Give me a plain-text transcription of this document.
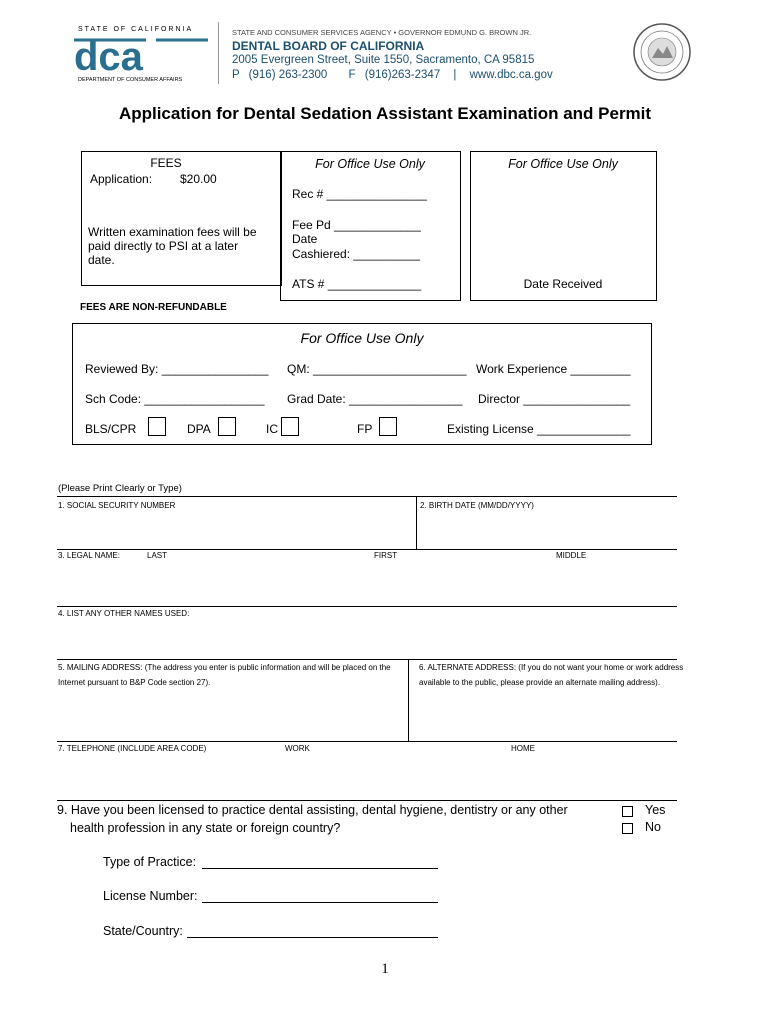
STATE OF CALIFORNIA
dca
DEPARTMENT OF CONSUMER AFFAIRS
STATE AND CONSUMER SERVICES AGENCY • GOVERNOR EDMUND G. BROWN JR.
DENTAL BOARD OF CALIFORNIA
2005 Evergreen Street, Suite 1550, Sacramento, CA 95815
P (916) 263-2300 F (916)263-2347 | www.dbc.ca.gov
Application for Dental Sedation Assistant Examination and Permit
FEES
Application: $20.00
Written examination fees will be paid directly to PSI at a later date.
For Office Use Only
Rec # _______________
Fee Pd _____________
Date
Cashiered: __________
ATS # ______________
For Office Use Only
Date Received
FEES ARE NON-REFUNDABLE
For Office Use Only
Reviewed By: ________________ QM: _______________________ Work Experience _________
Sch Code: __________________ Grad Date: _________________ Director ________________
BLS/CPR	DPA	IC	FP	Existing License ______________
(Please Print Clearly or Type)
1. SOCIAL SECURITY NUMBER	2. BIRTH DATE (MM/DD/YYYY)
3. LEGAL NAME:	LAST	FIRST	MIDDLE
4. LIST ANY OTHER NAMES USED:
5. MAILING ADDRESS: (The address you enter is public information and will be placed on the
Internet pursuant to B&P Code section 27).
6. ALTERNATE ADDRESS: (If you do not want your home or work address
available to the public, please provide an alternate mailing address).
7. TELEPHONE (INCLUDE AREA CODE)	WORK	HOME
9. Have you been licensed to practice dental assisting, dental hygiene, dentistry or any other
health profession in any state or foreign country?
Yes
No
Type of Practice:
License Number:
State/Country:
1
